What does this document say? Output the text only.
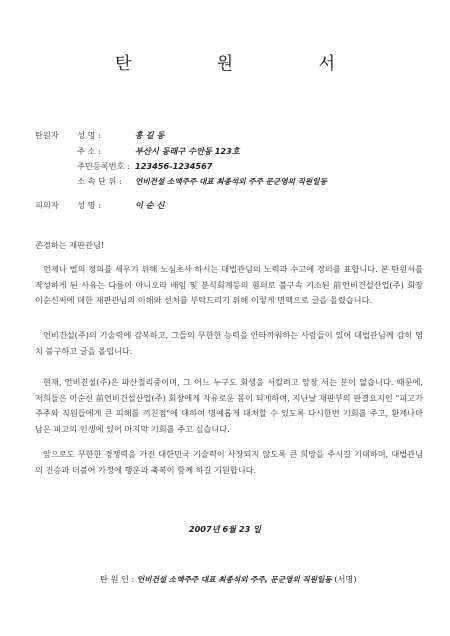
탄 원 서
탄원자 성 명 :	홍 길 동
주 소 :	부산시 동래구 수안동 123호
주민등록번호 : 123456-1234567
소 속 단 위 : 언비건설 소액주주 대표 최종석외 주주 문군영외 직원일동
피의자 성 명 :	이 순 신
존경하는 재판관님!
언제나 법의 정의를 세우기 위해 노심초사 하시는 대법관님의 노력과 수고에 경의를 표합니다. 본 탄원서를 작성하게 된 사유는 다름이 아니오라 배임 및 분식회계등의 혐의로 불구속 기소된 前언비건설산업(주) 회장 이순신씨에 대한 재판관님의 이해와 선처를 부탁드리기 위해 이렇게 면맥으로 글을 올렸습니다.
언비건설(주)의 기술력에 감복하고, 그들의 무한한 능력을 안타까워하는 사람들이 있어 대법관님께 감히 염치 불구하고 글을 올립니다.
현재, 언비건설(주)은 파산절리중이며, 그 어느 누구도 회생을 시킬려고 앞장 서는 분이 없습니다. 때문에, 저희들은 이순신 前언비건설산업(주) 회장에게 자유로운 몸이 되게하여, 지난날 재판부의 판결요지인 "피고가 주주와 직원들에게 큰 피해를 끼친점"에 대하여 명예롭게 대처할 수 있도록 다시한번 기회를 주고, 환계나마 남은 피고의 인생에 있어 마지막 기회를 주고 싶습니다.
앞으로도 무한한 경쟁력을 가진 대한민국 기술력이 사장되지 않도록 큰 희망을 주시길 기대하며, 대법관님의 건승과 더불어 가정에 행운과 축복이 함께 하길 기원합니다.
2007년 6월 23 일
탄 원 인 : 언비건설 소액주주 대표 최종석외 주주, 문군영외 직원일동 (서명)
